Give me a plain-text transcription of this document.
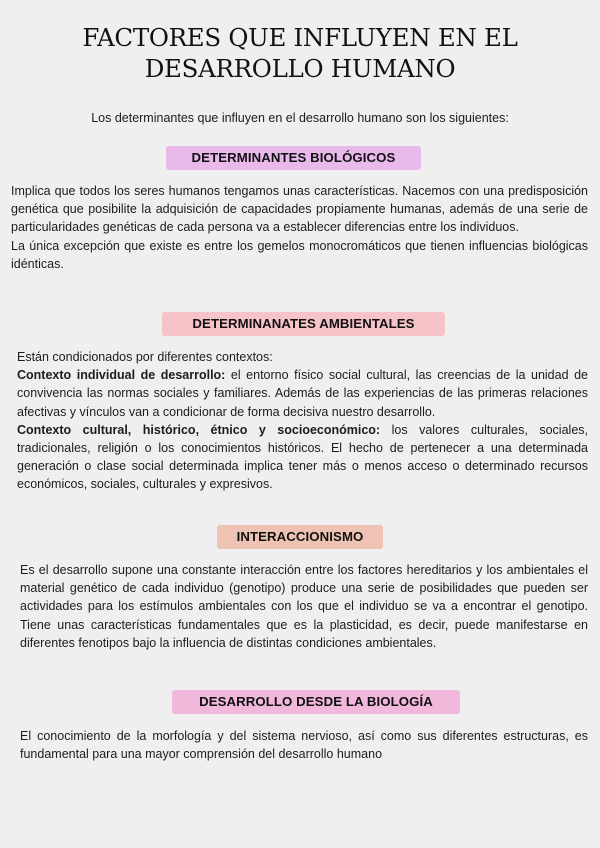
FACTORES QUE INFLUYEN EN EL
DESARROLLO HUMANO
Los determinantes que influyen en el desarrollo humano son los siguientes:
DETERMINANTES BIOLÓGICOS

Implica que todos los seres humanos tengamos unas características. Nacemos con una predisposición genética que posibilite la adquisición de capacidades propiamente humanas, además de una serie de particularidades genéticas de cada persona va a establecer diferencias entre los individuos.

La única excepción que existe es entre los gemelos monocromáticos que tienen influencias biológicas idénticas.

DETERMINANATES AMBIENTALES

Están condicionados por diferentes contextos:

Contexto individual de desarrollo: el entorno físico social cultural, las creencias de la unidad de convivencia las normas sociales y familiares. Además de las experiencias de las primeras relaciones afectivas y vínculos van a condicionar de forma decisiva nuestro desarrollo.

Contexto cultural, histórico, étnico y socioeconómico: los valores culturales, sociales, tradicionales, religión o los conocimientos históricos. El hecho de pertenecer a una determinada generación o clase social determinada implica tener más o menos acceso o determinado recursos económicos, sociales, culturales y expresivos.

INTERACCIONISMO

Es el desarrollo supone una constante interacción entre los factores hereditarios y los ambientales el material genético de cada individuo (genotipo) produce una serie de posibilidades que pueden ser actividades para los estímulos ambientales con los que el individuo se va a encontrar el genotipo. Tiene unas características fundamentales que es la plasticidad, es decir, puede manifestarse en diferentes fenotipos bajo la influencia de distintas condiciones ambientales.

DESARROLLO DESDE LA BIOLOGÍA

El conocimiento de la morfología y del sistema nervioso, así como sus diferentes estructuras, es fundamental para una mayor comprensión del desarrollo humano
